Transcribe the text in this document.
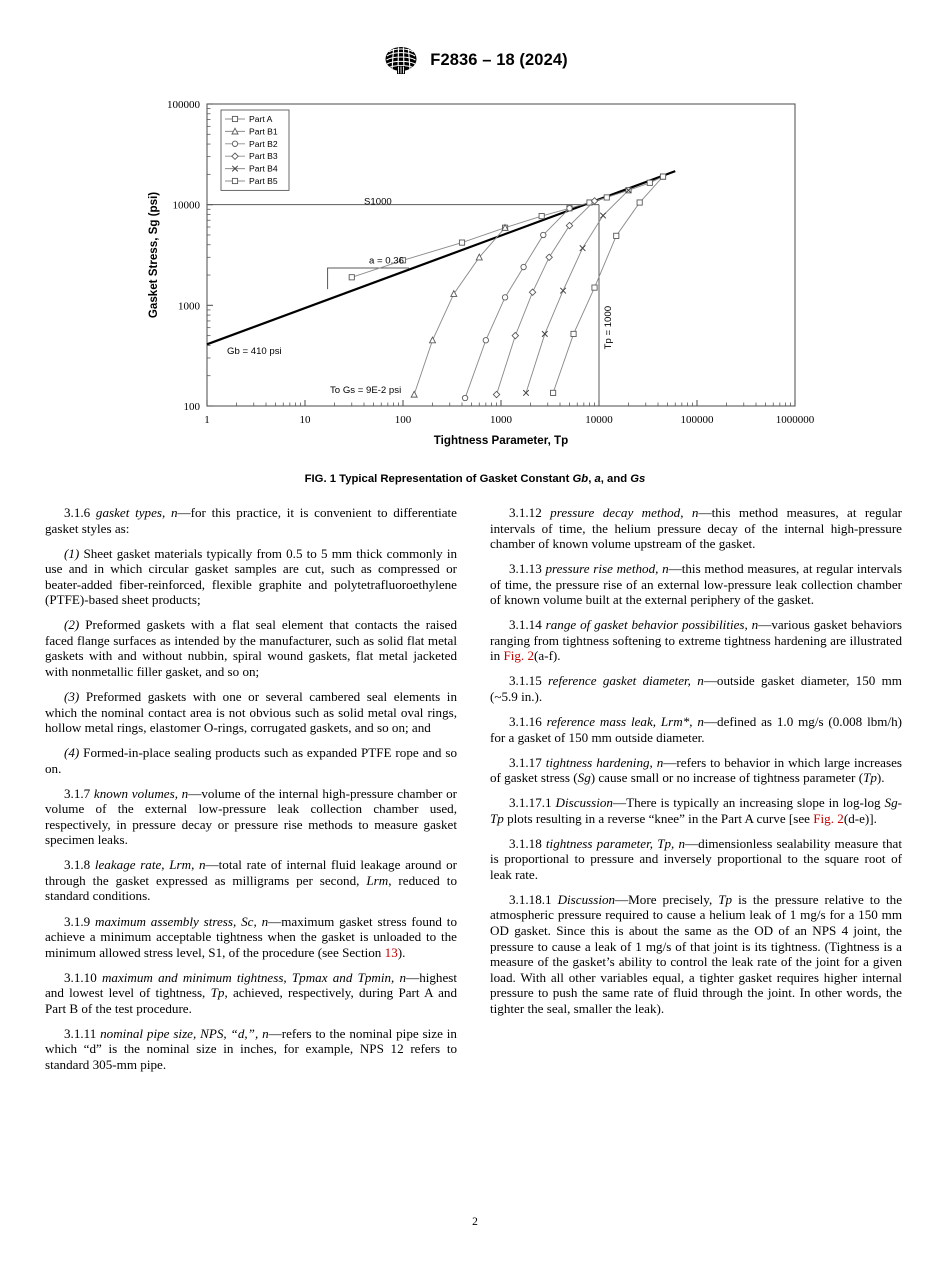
F2836 – 18 (2024)
1	10	100	1000	10000	100000	1000000
100
1000
10000
100000
Tightness Parameter, Tp
Gasket Stress, Sg (psi)	S1000
a = 0.36
Gb = 410 psi
To Gs = 9E-2 psi
Tp = 1000
Part A
Part B1
Part B2
Part B3
Part B4
Part B5
FIG. 1 Typical Representation of Gasket Constant Gb, a, and Gs

3.1.6 gasket types, n—for this practice, it is convenient to differentiate gasket styles as:

(1) Sheet gasket materials typically from 0.5 to 5 mm thick commonly in use and in which circular gasket samples are cut, such as compressed or beater-added fiber-reinforced, flexible graphite and polytetrafluoroethylene (PTFE)-based sheet products;

(2) Preformed gaskets with a flat seal element that contacts the raised faced flange surfaces as intended by the manufacturer, such as solid flat metal gaskets with and without nubbin, spiral wound gaskets, flat metal jacketed with nonmetallic filler gasket, and so on;

(3) Preformed gaskets with one or several cambered seal elements in which the nominal contact area is not obvious such as solid metal oval rings, hollow metal rings, elastomer O-rings, corrugated gaskets, and so on; and

(4) Formed-in-place sealing products such as expanded PTFE rope and so on.

3.1.7 known volumes, n—volume of the internal high-pressure chamber or volume of the external low-pressure leak collection chamber used, respectively, in pressure decay or pressure rise methods to measure gasket specimen leaks.

3.1.8 leakage rate, Lrm, n—total rate of internal fluid leakage around or through the gasket expressed as milligrams per second, Lrm, reduced to standard conditions.

3.1.9 maximum assembly stress, Sc, n—maximum gasket stress found to achieve a minimum acceptable tightness when the gasket is unloaded to the minimum allowed stress level, S1, of the procedure (see Section 13).

3.1.10 maximum and minimum tightness, Tpmax and Tpmin, n—highest and lowest level of tightness, Tp, achieved, respectively, during Part A and Part B of the test procedure.

3.1.11 nominal pipe size, NPS, “d,”, n—refers to the nominal pipe size in which “d” is the nominal size in inches, for example, NPS 12 refers to standard 305-mm pipe.

3.1.12 pressure decay method, n—this method measures, at regular intervals of time, the helium pressure decay of the internal high-pressure chamber of known volume upstream of the gasket.

3.1.13 pressure rise method, n—this method measures, at regular intervals of time, the pressure rise of an external low-pressure leak collection chamber of known volume built at the external periphery of the gasket.

3.1.14 range of gasket behavior possibilities, n—various gasket behaviors ranging from tightness softening to extreme tightness hardening are illustrated in Fig. 2(a-f).

3.1.15 reference gasket diameter, n—outside gasket diameter, 150 mm (~5.9 in.).

3.1.16 reference mass leak, Lrm*, n—defined as 1.0 mg/s (0.008 lbm/h) for a gasket of 150 mm outside diameter.

3.1.17 tightness hardening, n—refers to behavior in which large increases of gasket stress (Sg) cause small or no increase of tightness parameter (Tp).

3.1.17.1 Discussion—There is typically an increasing slope in log-log Sg-Tp plots resulting in a reverse “knee” in the Part A curve [see Fig. 2(d-e)].

3.1.18 tightness parameter, Tp, n—dimensionless sealability measure that is proportional to pressure and inversely proportional to the square root of leak rate.

3.1.18.1 Discussion—More precisely, Tp is the pressure relative to the atmospheric pressure required to cause a helium leak of 1 mg/s for a 150 mm OD gasket. Since this is about the same as the OD of an NPS 4 joint, the pressure to cause a leak of 1 mg/s of that joint is its tightness. (Tightness is a measure of the gasket’s ability to control the leak rate of the joint for a given load. With all other variables equal, a tighter gasket requires higher internal pressure to push the same rate of fluid through the joint. In other words, the tighter the seal, smaller the leak).

2
